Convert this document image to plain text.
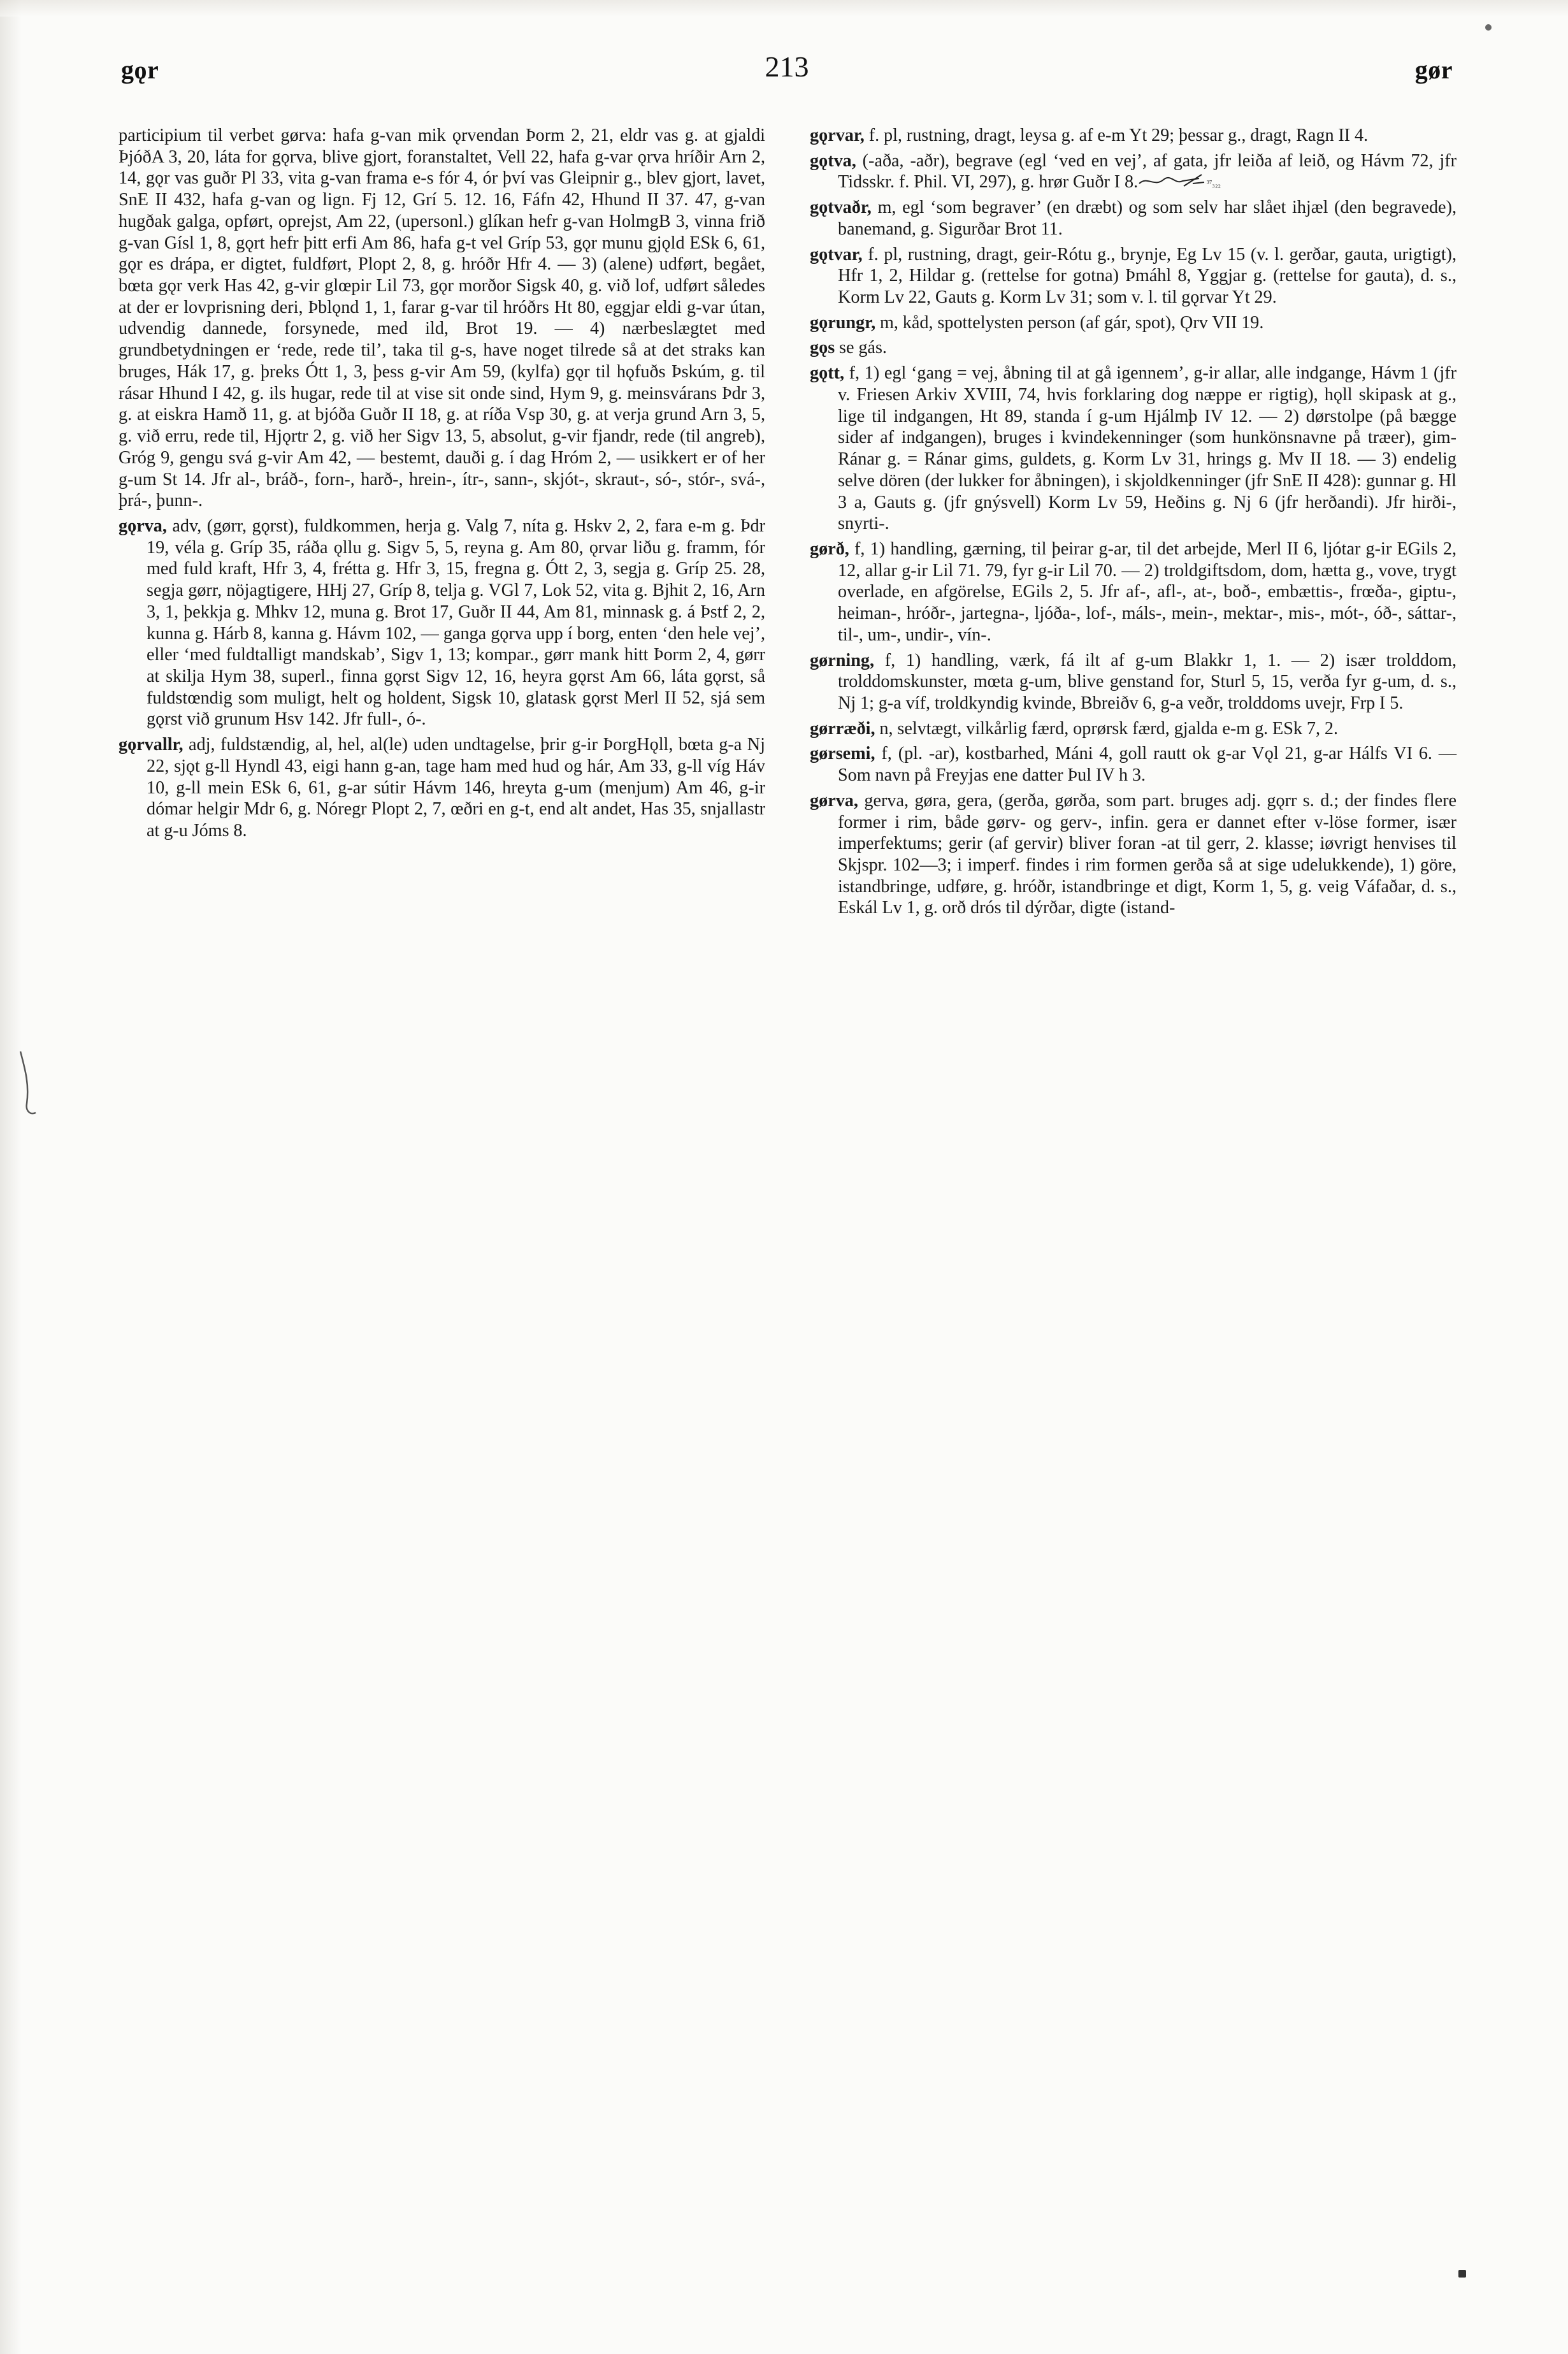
gǫr	213	gør

participium til verbet gørva: hafa g-van mik ǫrvendan Þorm 2, 21, eldr vas g. at gjaldi ÞjóðA 3, 20, láta for gǫrva, blive gjort, foranstaltet, Vell 22, hafa g-var ǫrva hríðir Arn 2, 14, gǫr vas guðr Pl 33, vita g-van frama e-s fór 4, ór því vas Gleipnir g., blev gjort, lavet, SnE II 432, hafa g-van og lign. Fj 12, Grí 5. 12. 16, Fáfn 42, Hhund II 37. 47, g-van hugðak galga, opført, oprejst, Am 22, (upersonl.) glíkan hefr g-van HolmgB 3, vinna frið g-van Gísl 1, 8, gǫrt hefr þitt erfi Am 86, hafa g-t vel Gríp 53, gǫr munu gjǫld ESk 6, 61, gǫr es drápa, er digtet, fuldført, Plopt 2, 8, g. hróðr Hfr 4. — 3) (alene) udført, begået, bœta gǫr verk Has 42, g-vir glœpir Lil 73, gǫr morðor Sigsk 40, g. við lof, udført således at der er lovprisning deri, Þblǫnd 1, 1, farar g-var til hróðrs Ht 80, eggjar eldi g-var útan, udvendig dannede, forsynede, med ild, Brot 19. — 4) nærbeslægtet med grundbetydningen er ‘rede, rede til’, taka til g-s, have noget tilrede så at det straks kan bruges, Hák 17, g. þreks Ótt 1, 3, þess g-vir Am 59, (kylfa) gǫr til hǫfuðs Þskúm, g. til rásar Hhund I 42, g. ils hugar, rede til at vise sit onde sind, Hym 9, g. meinsvárans Þdr 3, g. at eiskra Hamð 11, g. at bjóða Guðr II 18, g. at ríða Vsp 30, g. at verja grund Arn 3, 5, g. við erru, rede til, Hjǫrtr 2, g. við her Sigv 13, 5, absolut, g-vir fjandr, rede (til angreb), Gróg 9, gengu svá g-vir Am 42, — bestemt, dauði g. í dag Hróm 2, — usikkert er of her g-um St 14. Jfr al-, bráð-, forn-, harð-, hrein-, ítr-, sann-, skjót-, skraut-, só-, stór-, svá-, þrá-, þunn-.

gǫrva, adv, (gørr, gǫrst), fuldkommen, herja g. Valg 7, níta g. Hskv 2, 2, fara e-m g. Þdr 19, véla g. Gríp 35, ráða ǫllu g. Sigv 5, 5, reyna g. Am 80, ǫrvar liðu g. framm, fór med fuld kraft, Hfr 3, 4, frétta g. Hfr 3, 15, fregna g. Ótt 2, 3, segja g. Gríp 25. 28, segja gørr, nöjagtigere, HHj 27, Gríp 8, telja g. VGl 7, Lok 52, vita g. Bjhit 2, 16, Arn 3, 1, þekkja g. Mhkv 12, muna g. Brot 17, Guðr II 44, Am 81, minnask g. á Þstf 2, 2, kunna g. Hárb 8, kanna g. Hávm 102, — ganga gǫrva upp í borg, enten ‘den hele vej’, eller ‘med fuldtalligt mandskab’, Sigv 1, 13; kompar., gørr mank hitt Þorm 2, 4, gørr at skilja Hym 38, superl., finna gǫrst Sigv 12, 16, heyra gǫrst Am 66, láta gǫrst, så fuldstœndig som muligt, helt og holdent, Sigsk 10, glatask gǫrst Merl II 52, sjá sem gǫrst við grunum Hsv 142. Jfr full-, ó-.

gǫrvallr, adj, fuldstændig, al, hel, al(le) uden undtagelse, þrir g-ir ÞorgHǫll, bœta g-a Nj 22, sjǫt g-ll Hyndl 43, eigi hann g-an, tage ham med hud og hár, Am 33, g-ll víg Háv 10, g-ll mein ESk 6, 61, g-ar sútir Hávm 146, hreyta g-um (menjum) Am 46, g-ir dómar helgir Mdr 6, g. Nóregr Plopt 2, 7, œðri en g-t, end alt andet, Has 35, snjallastr at g-u Jóms 8.

gǫrvar, f. pl, rustning, dragt, leysa g. af e-m Yt 29; þessar g., dragt, Ragn II 4.

gǫtva, (-aða, -aðr), begrave (egl ‘ved en vej’, af gata, jfr leiða af leið, og Hávm 72, jfr Tidsskr. f. Phil. VI, 297), g. hrør Guðr I 8.	³⁷₃₂₂

gǫtvaðr, m, egl ‘som begraver’ (en dræbt) og som selv har slået ihjæl (den begravede), banemand, g. Sigurðar Brot 11.

gǫtvar, f. pl, rustning, dragt, geir-Rótu g., brynje, Eg Lv 15 (v. l. gerðar, gauta, urigtigt), Hfr 1, 2, Hildar g. (rettelse for gotna) Þmáhl 8, Yggjar g. (rettelse for gauta), d. s., Korm Lv 22, Gauts g. Korm Lv 31; som v. l. til gǫrvar Yt 29.

gǫrungr, m, kåd, spottelysten person (af gár, spot), Ǫrv VII 19.

gǫs se gás.

gǫtt, f, 1) egl ‘gang = vej, åbning til at gå igennem’, g-ir allar, alle indgange, Hávm 1 (jfr v. Friesen Arkiv XVIII, 74, hvis forklaring dog næppe er rigtig), hǫll skipask at g., lige til indgangen, Ht 89, standa í g-um Hjálmþ IV 12. — 2) dørstolpe (på bægge sider af indgangen), bruges i kvindekenninger (som hunkönsnavne på træer), gim-Ránar g. = Ránar gims, guldets, g. Korm Lv 31, hrings g. Mv II 18. — 3) endelig selve dören (der lukker for åbningen), i skjoldkenninger (jfr SnE II 428): gunnar g. Hl 3 a, Gauts g. (jfr gnýsvell) Korm Lv 59, Heðins g. Nj 6 (jfr herðandi). Jfr hirði-, snyrti-.

gørð, f, 1) handling, gærning, til þeirar g-ar, til det arbejde, Merl II 6, ljótar g-ir EGils 2, 12, allar g-ir Lil 71. 79, fyr g-ir Lil 70. — 2) troldgiftsdom, dom, hætta g., vove, trygt overlade, en afgörelse, EGils 2, 5. Jfr af-, afl-, at-, boð-, embættis-, frœða-, giptu-, heiman-, hróðr-, jartegna-, ljóða-, lof-, máls-, mein-, mektar-, mis-, mót-, óð-, sáttar-, til-, um-, undir-, vín-.

gørning, f, 1) handling, værk, fá ilt af g-um Blakkr 1, 1. — 2) især trolddom, trolddomskunster, mœta g-um, blive genstand for, Sturl 5, 15, verða fyr g-um, d. s., Nj 1; g-a víf, troldkyndig kvinde, Bbreiðv 6, g-a veðr, trolddoms uvejr, Frp I 5.

gørræði, n, selvtægt, vilkårlig færd, oprørsk færd, gjalda e-m g. ESk 7, 2.

gørsemi, f, (pl. -ar), kostbarhed, Máni 4, goll rautt ok g-ar Vǫl 21, g-ar Hálfs VI 6. — Som navn på Freyjas ene datter Þul IV h 3.

gørva, gerva, gøra, gera, (gerða, gørða, som part. bruges adj. gǫrr s. d.; der findes flere former i rim, både gørv- og gerv-, infin. gera er dannet efter v-löse former, især imperfektums; gerir (af gervir) bliver foran -at til gerr, 2. klasse; iøvrigt henvises til Skjspr. 102—3; i imperf. findes i rim formen gerða så at sige udelukkende), 1) göre, istandbringe, udføre, g. hróðr, istandbringe et digt, Korm 1, 5, g. veig Váfaðar, d. s., Eskál Lv 1, g. orð drós til dýrðar, digte (istand-
